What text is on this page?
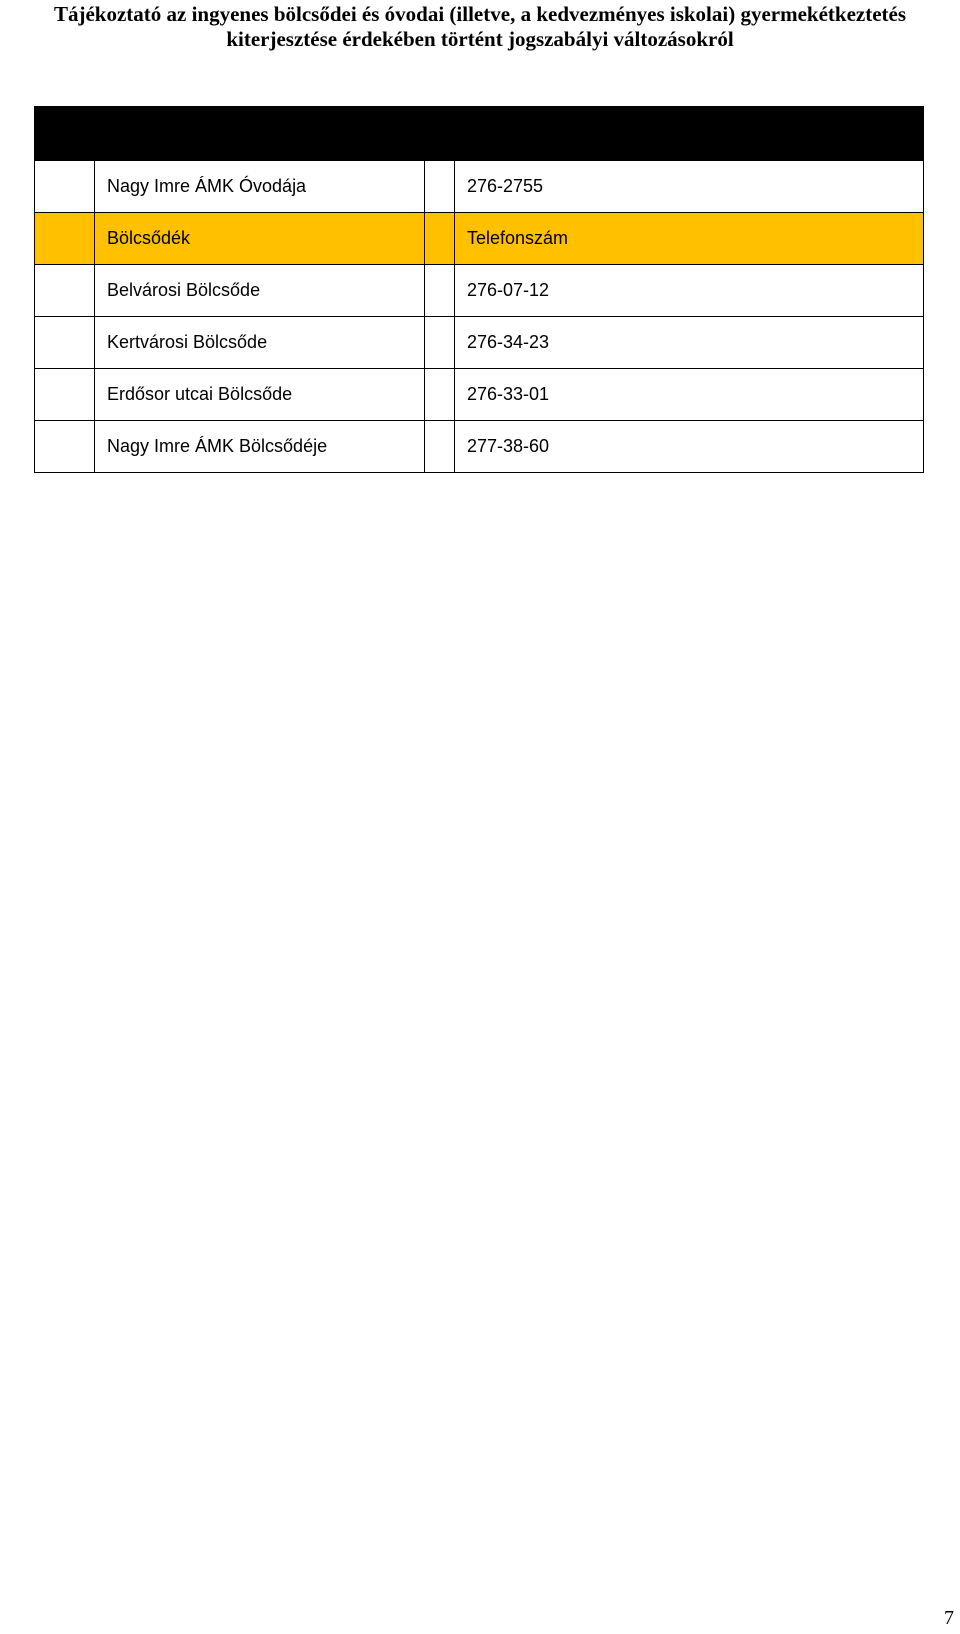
Tájékoztató az ingyenes bölcsődei és óvodai (illetve, a kedvezményes iskolai) gyermekétkeztetés
kiterjesztése érdekében történt jogszabályi változásokról

	Nagy Imre ÁMK Óvodája		276-2755
	Bölcsődék		Telefonszám
	Belvárosi Bölcsőde		276-07-12
	Kertvárosi Bölcsőde		276-34-23
	Erdősor utcai Bölcsőde		276-33-01
	Nagy Imre ÁMK Bölcsődéje		277-38-60
7
